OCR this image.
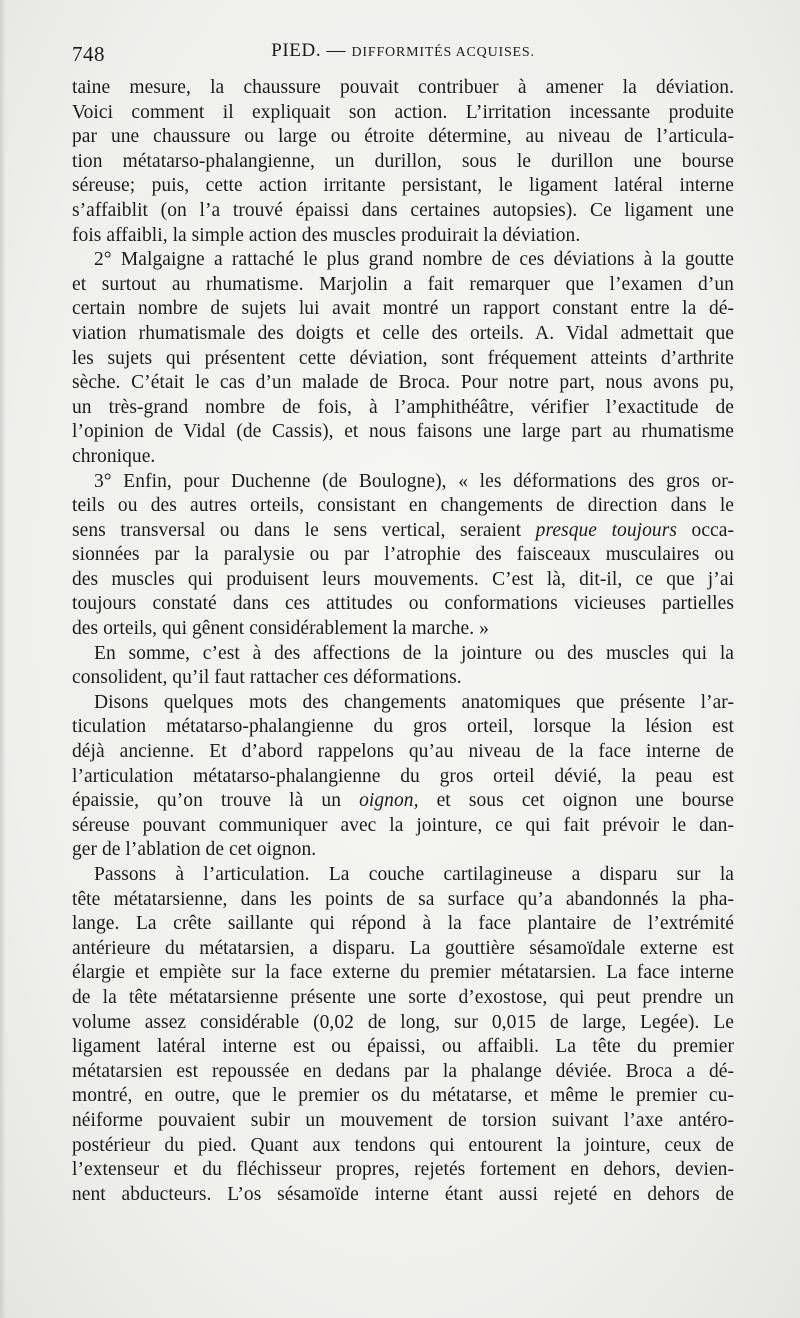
748	PIED. — DIFFORMITÉS ACQUISES.
taine mesure, la chaussure pouvait contribuer à amener la déviation.
Voici comment il expliquait son action. L’irritation incessante produite
par une chaussure ou large ou étroite détermine, au niveau de l’articula-
tion métatarso-phalangienne, un durillon, sous le durillon une bourse
séreuse; puis, cette action irritante persistant, le ligament latéral interne
s’affaiblit (on l’a trouvé épaissi dans certaines autopsies). Ce ligament une
fois affaibli, la simple action des muscles produirait la déviation.
2° Malgaigne a rattaché le plus grand nombre de ces déviations à la goutte
et surtout au rhumatisme. Marjolin a fait remarquer que l’examen d’un
certain nombre de sujets lui avait montré un rapport constant entre la dé-
viation rhumatismale des doigts et celle des orteils. A. Vidal admettait que
les sujets qui présentent cette déviation, sont fréquement atteints d’arthrite
sèche. C’était le cas d’un malade de Broca. Pour notre part, nous avons pu,
un très-grand nombre de fois, à l’amphithéâtre, vérifier l’exactitude de
l’opinion de Vidal (de Cassis), et nous faisons une large part au rhumatisme
chronique.
3° Enfin, pour Duchenne (de Boulogne), « les déformations des gros or-
teils ou des autres orteils, consistant en changements de direction dans le
sens transversal ou dans le sens vertical, seraient presque toujours occa-
sionnées par la paralysie ou par l’atrophie des faisceaux musculaires ou
des muscles qui produisent leurs mouvements. C’est là, dit-il, ce que j’ai
toujours constaté dans ces attitudes ou conformations vicieuses partielles
des orteils, qui gênent considérablement la marche. »
En somme, c’est à des affections de la jointure ou des muscles qui la
consolident, qu’il faut rattacher ces déformations.
Disons quelques mots des changements anatomiques que présente l’ar-
ticulation métatarso-phalangienne du gros orteil, lorsque la lésion est
déjà ancienne. Et d’abord rappelons qu’au niveau de la face interne de
l’articulation métatarso-phalangienne du gros orteil dévié, la peau est
épaissie, qu’on trouve là un oignon, et sous cet oignon une bourse
séreuse pouvant communiquer avec la jointure, ce qui fait prévoir le dan-
ger de l’ablation de cet oignon.
Passons à l’articulation. La couche cartilagineuse a disparu sur la
tête métatarsienne, dans les points de sa surface qu’a abandonnés la pha-
lange. La crête saillante qui répond à la face plantaire de l’extrémité
antérieure du métatarsien, a disparu. La gouttière sésamoïdale externe est
élargie et empiète sur la face externe du premier métatarsien. La face interne
de la tête métatarsienne présente une sorte d’exostose, qui peut prendre un
volume assez considérable (0,02 de long, sur 0,015 de large, Legée). Le
ligament latéral interne est ou épaissi, ou affaibli. La tête du premier
métatarsien est repoussée en dedans par la phalange déviée. Broca a dé-
montré, en outre, que le premier os du métatarse, et même le premier cu-
néiforme pouvaient subir un mouvement de torsion suivant l’axe antéro-
postérieur du pied. Quant aux tendons qui entourent la jointure, ceux de
l’extenseur et du fléchisseur propres, rejetés fortement en dehors, devien-
nent abducteurs. L’os sésamoïde interne étant aussi rejeté en dehors de
